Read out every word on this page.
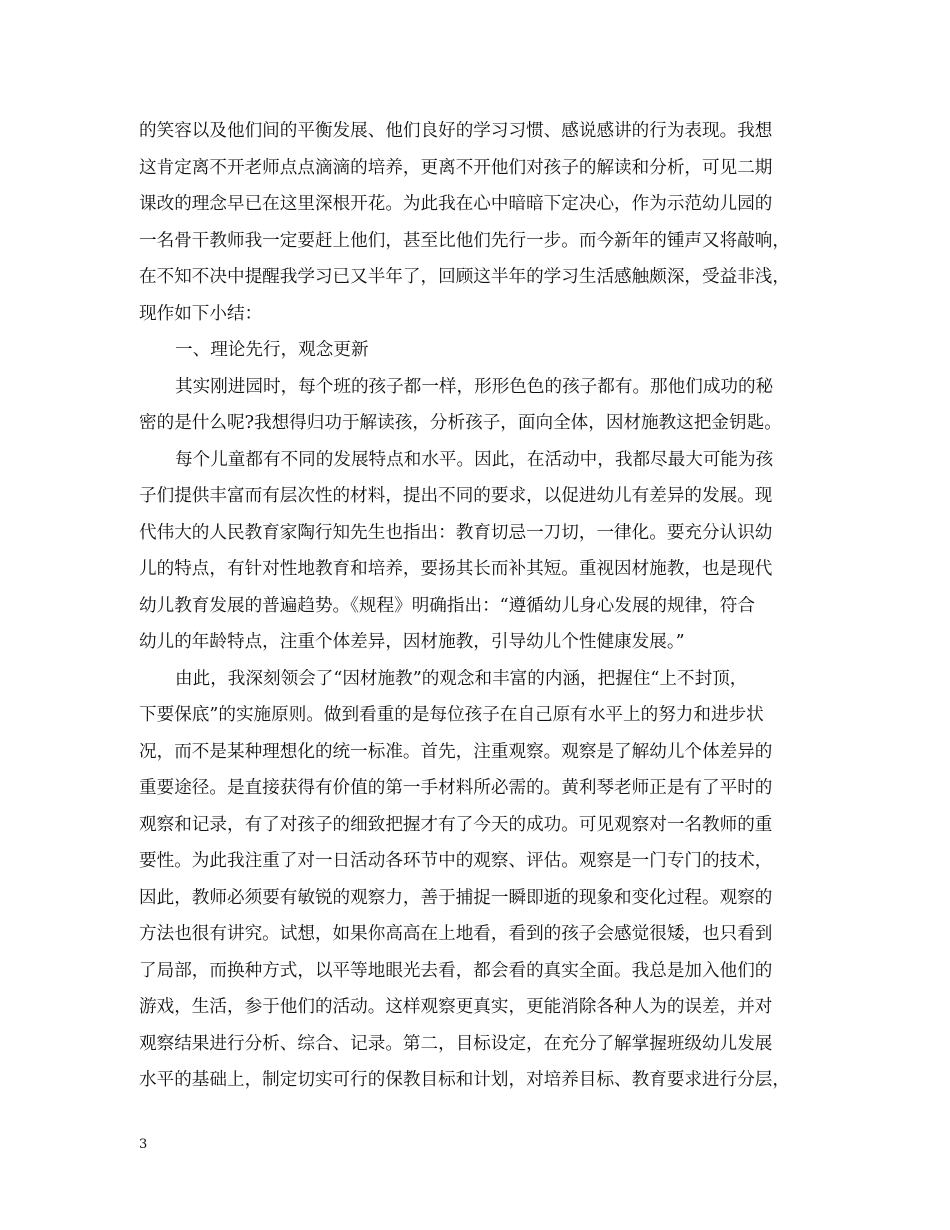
的笑容以及他们间的平衡发展、他们良好的学习习惯、感说感讲的行为表现。我想
这肯定离不开老师点点滴滴的培养，更离不开他们对孩子的解读和分析，可见二期
课改的理念早已在这里深根开花。为此我在心中暗暗下定决心，作为示范幼儿园的
一名骨干教师我一定要赶上他们，甚至比他们先行一步。而今新年的锺声又将敲响，
在不知不决中提醒我学习已又半年了，回顾这半年的学习生活感触颇深，受益非浅，
现作如下小结：
一、理论先行，观念更新
其实刚进园时，每个班的孩子都一样，形形色色的孩子都有。那他们成功的秘
密的是什么呢?我想得归功于解读孩，分析孩子，面向全体，因材施教这把金钥匙。
每个儿童都有不同的发展特点和水平。因此，在活动中，我都尽最大可能为孩
子们提供丰富而有层次性的材料，提出不同的要求，以促进幼儿有差异的发展。现
代伟大的人民教育家陶行知先生也指出：教育切忌一刀切，一律化。要充分认识幼
儿的特点，有针对性地教育和培养，要扬其长而补其短。重视因材施教，也是现代
幼儿教育发展的普遍趋势。《规程》明确指出：“遵循幼儿身心发展的规律，符合
幼儿的年龄特点，注重个体差异，因材施教，引导幼儿个性健康发展。”
由此，我深刻领会了“因材施教”的观念和丰富的内涵，把握住“上不封顶，
下要保底”的实施原则。做到看重的是每位孩子在自己原有水平上的努力和进步状
况，而不是某种理想化的统一标准。首先，注重观察。观察是了解幼儿个体差异的
重要途径。是直接获得有价值的第一手材料所必需的。黄利琴老师正是有了平时的
观察和记录，有了对孩子的细致把握才有了今天的成功。可见观察对一名教师的重
要性。为此我注重了对一日活动各环节中的观察、评估。观察是一门专门的技术，
因此，教师必须要有敏锐的观察力，善于捕捉一瞬即逝的现象和变化过程。观察的
方法也很有讲究。试想，如果你高高在上地看，看到的孩子会感觉很矮，也只看到
了局部，而换种方式，以平等地眼光去看，都会看的真实全面。我总是加入他们的
游戏，生活，参于他们的活动。这样观察更真实，更能消除各种人为的误差，并对
观察结果进行分析、综合、记录。第二，目标设定，在充分了解掌握班级幼儿发展
水平的基础上，制定切实可行的保教目标和计划，对培养目标、教育要求进行分层，
3
